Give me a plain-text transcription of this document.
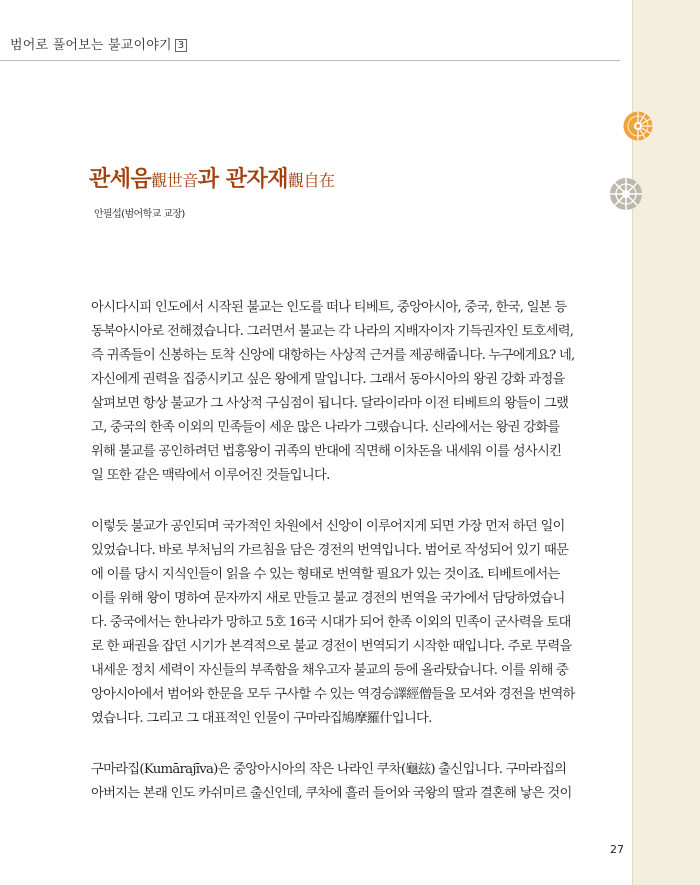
범어로 풀어보는 불교이야기 3
관세음觀世音과 관자재觀自在
안필섭(범어학교 교장)
아시다시피 인도에서 시작된 불교는 인도를 떠나 티베트, 중앙아시아, 중국, 한국, 일본 등
동북아시아로 전해졌습니다. 그러면서 불교는 각 나라의 지배자이자 기득권자인 토호세력,
즉 귀족들이 신봉하는 토착 신앙에 대항하는 사상적 근거를 제공해줍니다. 누구에게요? 네,
자신에게 권력을 집중시키고 싶은 왕에게 말입니다. 그래서 동아시아의 왕권 강화 과정을
살펴보면 항상 불교가 그 사상적 구심점이 됩니다. 달라이라마 이전 티베트의 왕들이 그랬
고, 중국의 한족 이외의 민족들이 세운 많은 나라가 그랬습니다. 신라에서는 왕권 강화를
위해 불교를 공인하려던 법흥왕이 귀족의 반대에 직면해 이차돈을 내세워 이를 성사시킨
일 또한 같은 맥락에서 이루어진 것들입니다.
이렇듯 불교가 공인되며 국가적인 차원에서 신앙이 이루어지게 되면 가장 먼저 하던 일이
있었습니다. 바로 부처님의 가르침을 담은 경전의 번역입니다. 범어로 작성되어 있기 때문
에 이를 당시 지식인들이 읽을 수 있는 형태로 번역할 필요가 있는 것이죠. 티베트에서는
이를 위해 왕이 명하여 문자까지 새로 만들고 불교 경전의 번역을 국가에서 담당하였습니
다. 중국에서는 한나라가 망하고 5호 16국 시대가 되어 한족 이외의 민족이 군사력을 토대
로 한 패권을 잡던 시기가 본격적으로 불교 경전이 번역되기 시작한 때입니다. 주로 무력을
내세운 정치 세력이 자신들의 부족함을 채우고자 불교의 등에 올라탔습니다. 이를 위해 중
앙아시아에서 범어와 한문을 모두 구사할 수 있는 역경승譯經僧들을 모셔와 경전을 번역하
였습니다. 그리고 그 대표적인 인물이 구마라집鳩摩羅什입니다.
구마라집(Kumārajīva)은 중앙아시아의 작은 나라인 쿠차(龜玆) 출신입니다. 구마라집의
아버지는 본래 인도 카쉬미르 출신인데, 쿠차에 흘러 들어와 국왕의 딸과 결혼해 낳은 것이
27
